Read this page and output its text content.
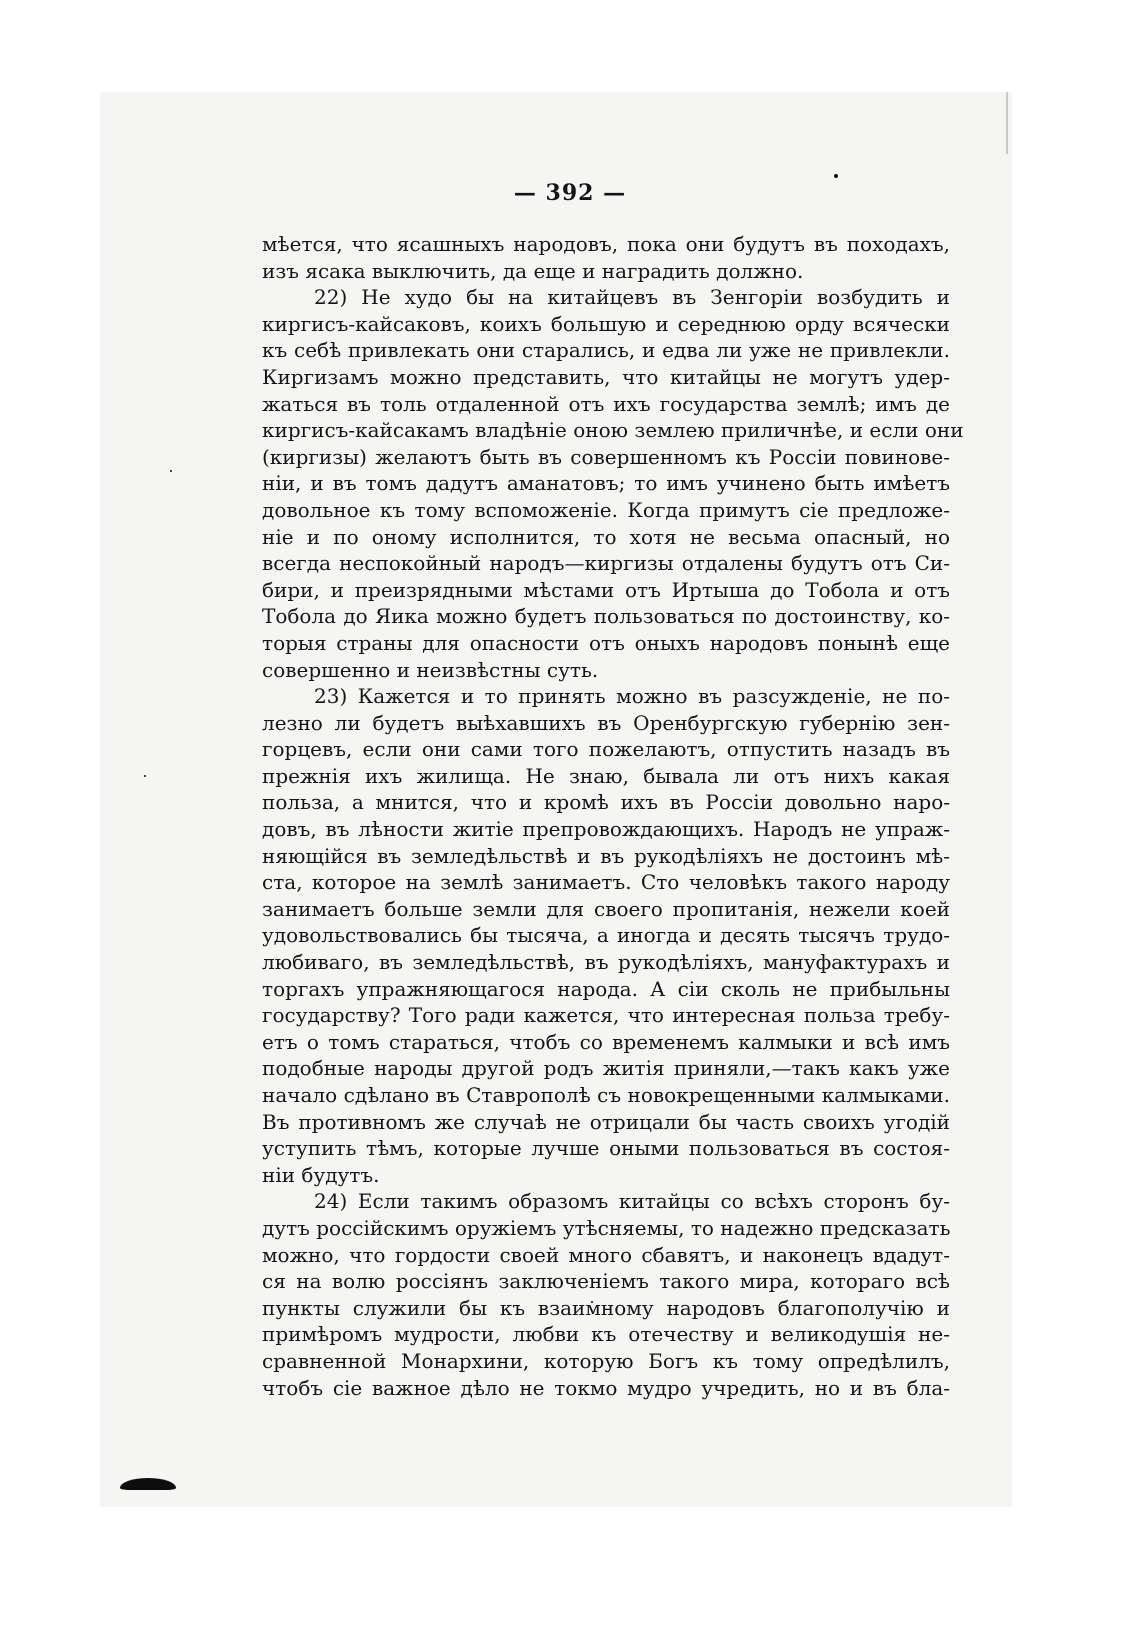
— 392 —
мѣется, что ясашныхъ народовъ, пока они будутъ въ походахъ,
изъ ясака выключить, да еще и наградить должно.
22) Не худо бы на китайцевъ въ Зенгоріи возбудить и
киргисъ-кайсаковъ, коихъ большую и середнюю орду всячески
къ себѣ привлекать они старались, и едва ли уже не привлекли.
Киргизамъ можно представить, что китайцы не могутъ удер-
жаться въ толь отдаленной отъ ихъ государства землѣ; имъ де
киргисъ-кайсакамъ владѣніе оною землею приличнѣе, и если они
(киргизы) желаютъ быть въ совершенномъ къ Россіи повинове-
ніи, и въ томъ дадутъ аманатовъ; то имъ учинено быть имѣетъ
довольное къ тому вспоможеніе. Когда примутъ сіе предложе-
ніе и по оному исполнится, то хотя не весьма опасный, но
всегда неспокойный народъ—киргизы отдалены будутъ отъ Си-
бири, и преизрядными мѣстами отъ Иртыша до Тобола и отъ
Тобола до Яика можно будетъ пользоваться по достоинству, ко-
торыя страны для опасности отъ оныхъ народовъ понынѣ еще
совершенно и неизвѣстны суть.
23) Кажется и то принять можно въ разсужденіе, не по-
лезно ли будетъ выѣхавшихъ въ Оренбургскую губернію зен-
горцевъ, если они сами того пожелаютъ, отпустить назадъ въ
прежнія ихъ жилища. Не знаю, бывала ли отъ нихъ какая
польза, а мнится, что и кромѣ ихъ въ Россіи довольно наро-
довъ, въ лѣности житіе препровождающихъ. Народъ не упраж-
няющійся въ земледѣльствѣ и въ рукодѣліяхъ не достоинъ мѣ-
ста, которое на землѣ занимаетъ. Сто человѣкъ такого народу
занимаетъ больше земли для своего пропитанія, нежели коей
удовольствовались бы тысяча, а иногда и десять тысячъ трудо-
любиваго, въ земледѣльствѣ, въ рукодѣліяхъ, мануфактурахъ и
торгахъ упражняющагося народа. А сіи сколь не прибыльны
государству? Того ради кажется, что интересная польза требу-
етъ о томъ стараться, чтобъ со временемъ калмыки и всѣ имъ
подобные народы другой родъ житія приняли,—такъ какъ уже
начало сдѣлано въ Ставрополѣ съ новокрещенными калмыками.
Въ противномъ же случаѣ не отрицали бы часть своихъ угодій
уступить тѣмъ, которые лучше оными пользоваться въ состоя-
ніи будутъ.
24) Если такимъ образомъ китайцы со всѣхъ сторонъ бу-
дутъ россійскимъ оружіемъ утѣсняемы, то надежно предсказать
можно, что гордости своей много сбавятъ, и наконецъ вдадут-
ся на волю россіянъ заключеніемъ такого мира, котораго всѣ
пункты служили бы къ взаимному народовъ благополучію и
примѣромъ мудрости, любви къ отечеству и великодушія не-
сравненной Монархини, которую Богъ къ тому опредѣлилъ,
чтобъ сіе важное дѣло не токмо мудро учредить, но и въ бла-
